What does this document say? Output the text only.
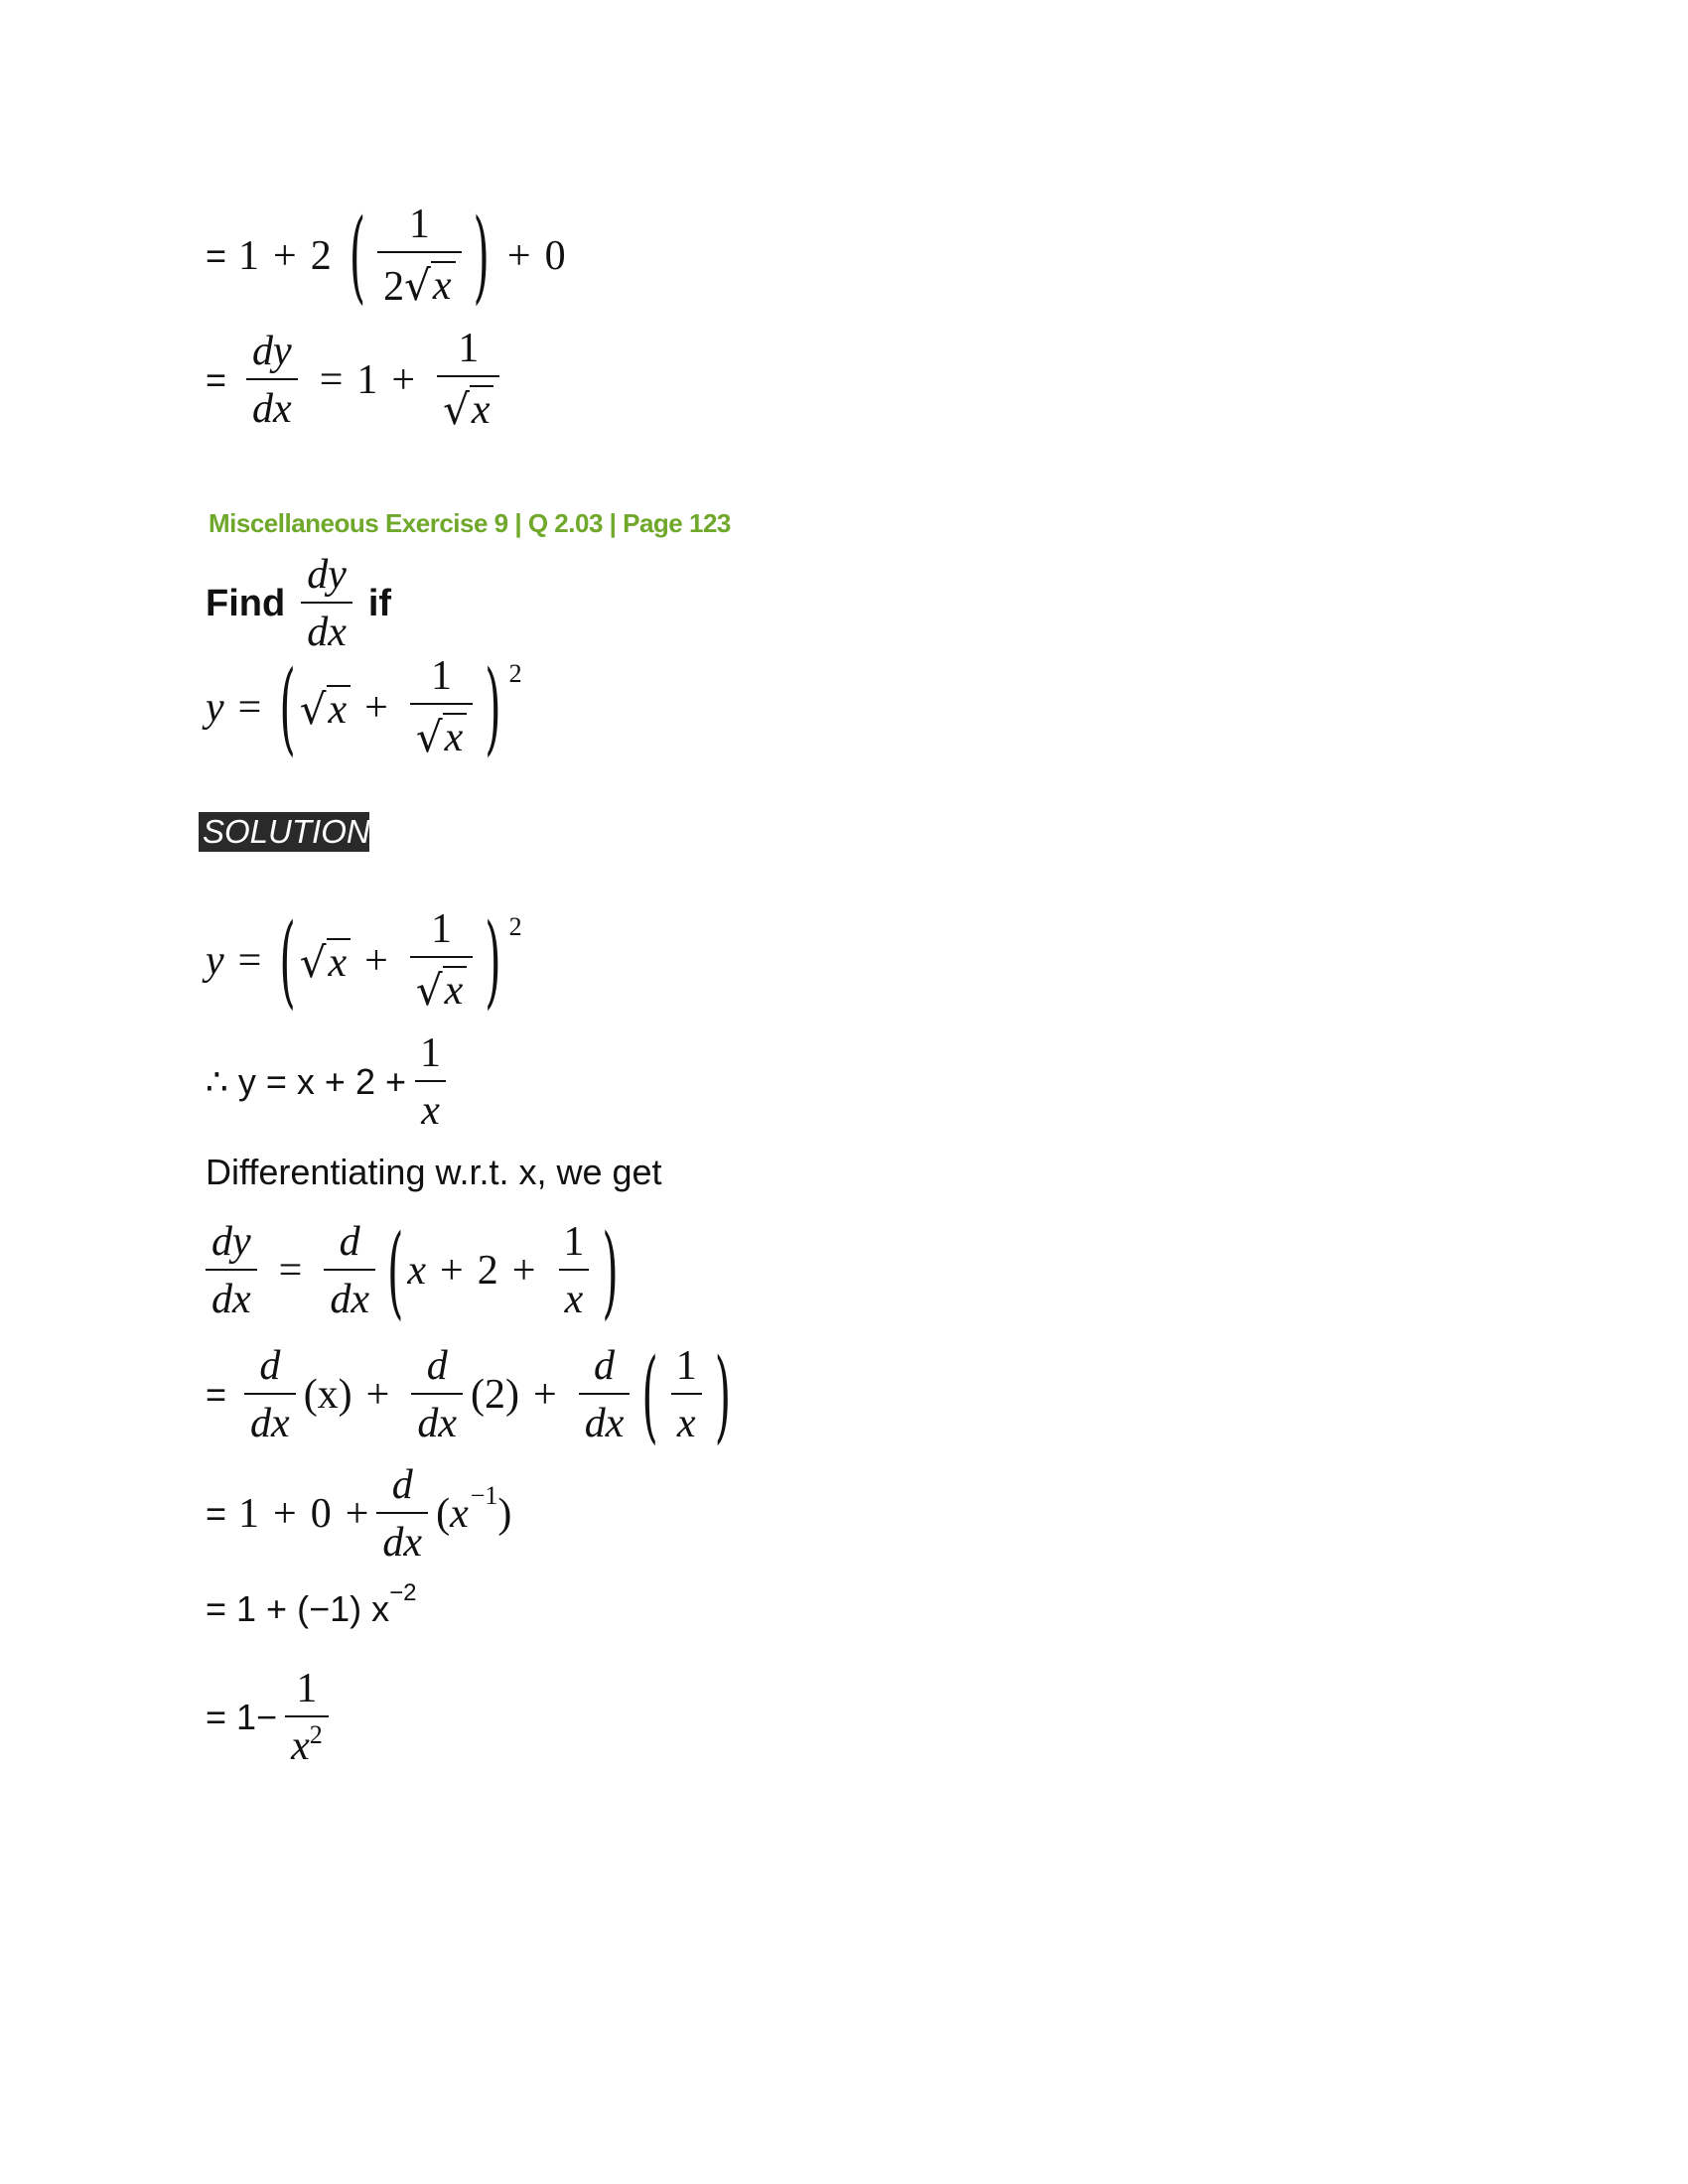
= 1 + 2 ( $\frac{1}{2 √ x}$ ) + 0
= $\frac{dy}{dx} = 1 + \frac{1}{√ x}$
Miscellaneous Exercise 9 | Q 2.03 | Page 123
Find $\frac{dy}{dx}$ if
y = ( √ $x + \frac{1}{√ x}$ ) 2
SOLUTION
y = ( √ $x + \frac{1}{√ x}$ ) 2
∴ $y = x + 2 + \frac{1}{x}$
Differentiating w.r.t. x, we get
$\frac{dy}{dx} = \frac{d}{dx}$ ( $x + 2 + \frac{1}{x}$ )
= $\frac{d}{dx} (x) + \frac{d}{dx} (2) + \frac{d}{dx}$ ( $\frac{1}{x}$ )
= $1 + 0 + \frac{d}{dx}$ ( x −1 )
= 1 + (−1) x −2
= $1- \frac{1}{x^2}$
